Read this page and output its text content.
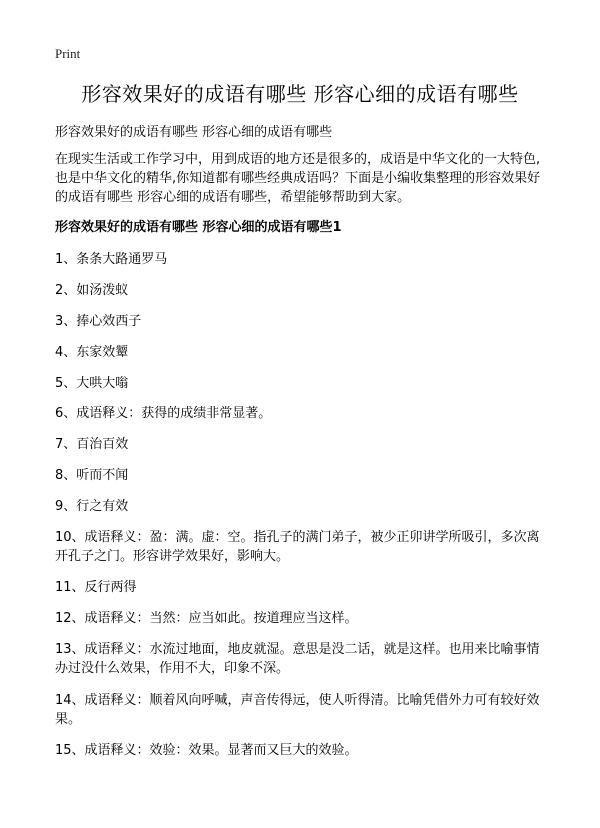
Print
形容效果好的成语有哪些 形容心细的成语有哪些
形容效果好的成语有哪些 形容心细的成语有哪些

在现实生活或工作学习中，用到成语的地方还是很多的，成语是中华文化的一大特色,也是中华文化的精华,你知道都有哪些经典成语吗？下面是小编收集整理的形容效果好的成语有哪些 形容心细的成语有哪些，希望能够帮助到大家。

形容效果好的成语有哪些 形容心细的成语有哪些1

1、条条大路通罗马

2、如汤泼蚁

3、捧心效西子

4、东家效颦

5、大哄大嗡

6、成语释义：获得的成绩非常显著。

7、百治百效

8、听而不闻

9、行之有效

10、成语释义：盈：满。虚：空。指孔子的满门弟子，被少正卯讲学所吸引，多次离开孔子之门。形容讲学效果好，影响大。

11、反行两得

12、成语释义：当然：应当如此。按道理应当这样。

13、成语释义：水流过地面，地皮就湿。意思是没二话，就是这样。也用来比喻事情办过没什么效果，作用不大，印象不深。

14、成语释义：顺着风向呼喊，声音传得远，使人听得清。比喻凭借外力可有较好效果。

15、成语释义：效验：效果。显著而又巨大的效验。
